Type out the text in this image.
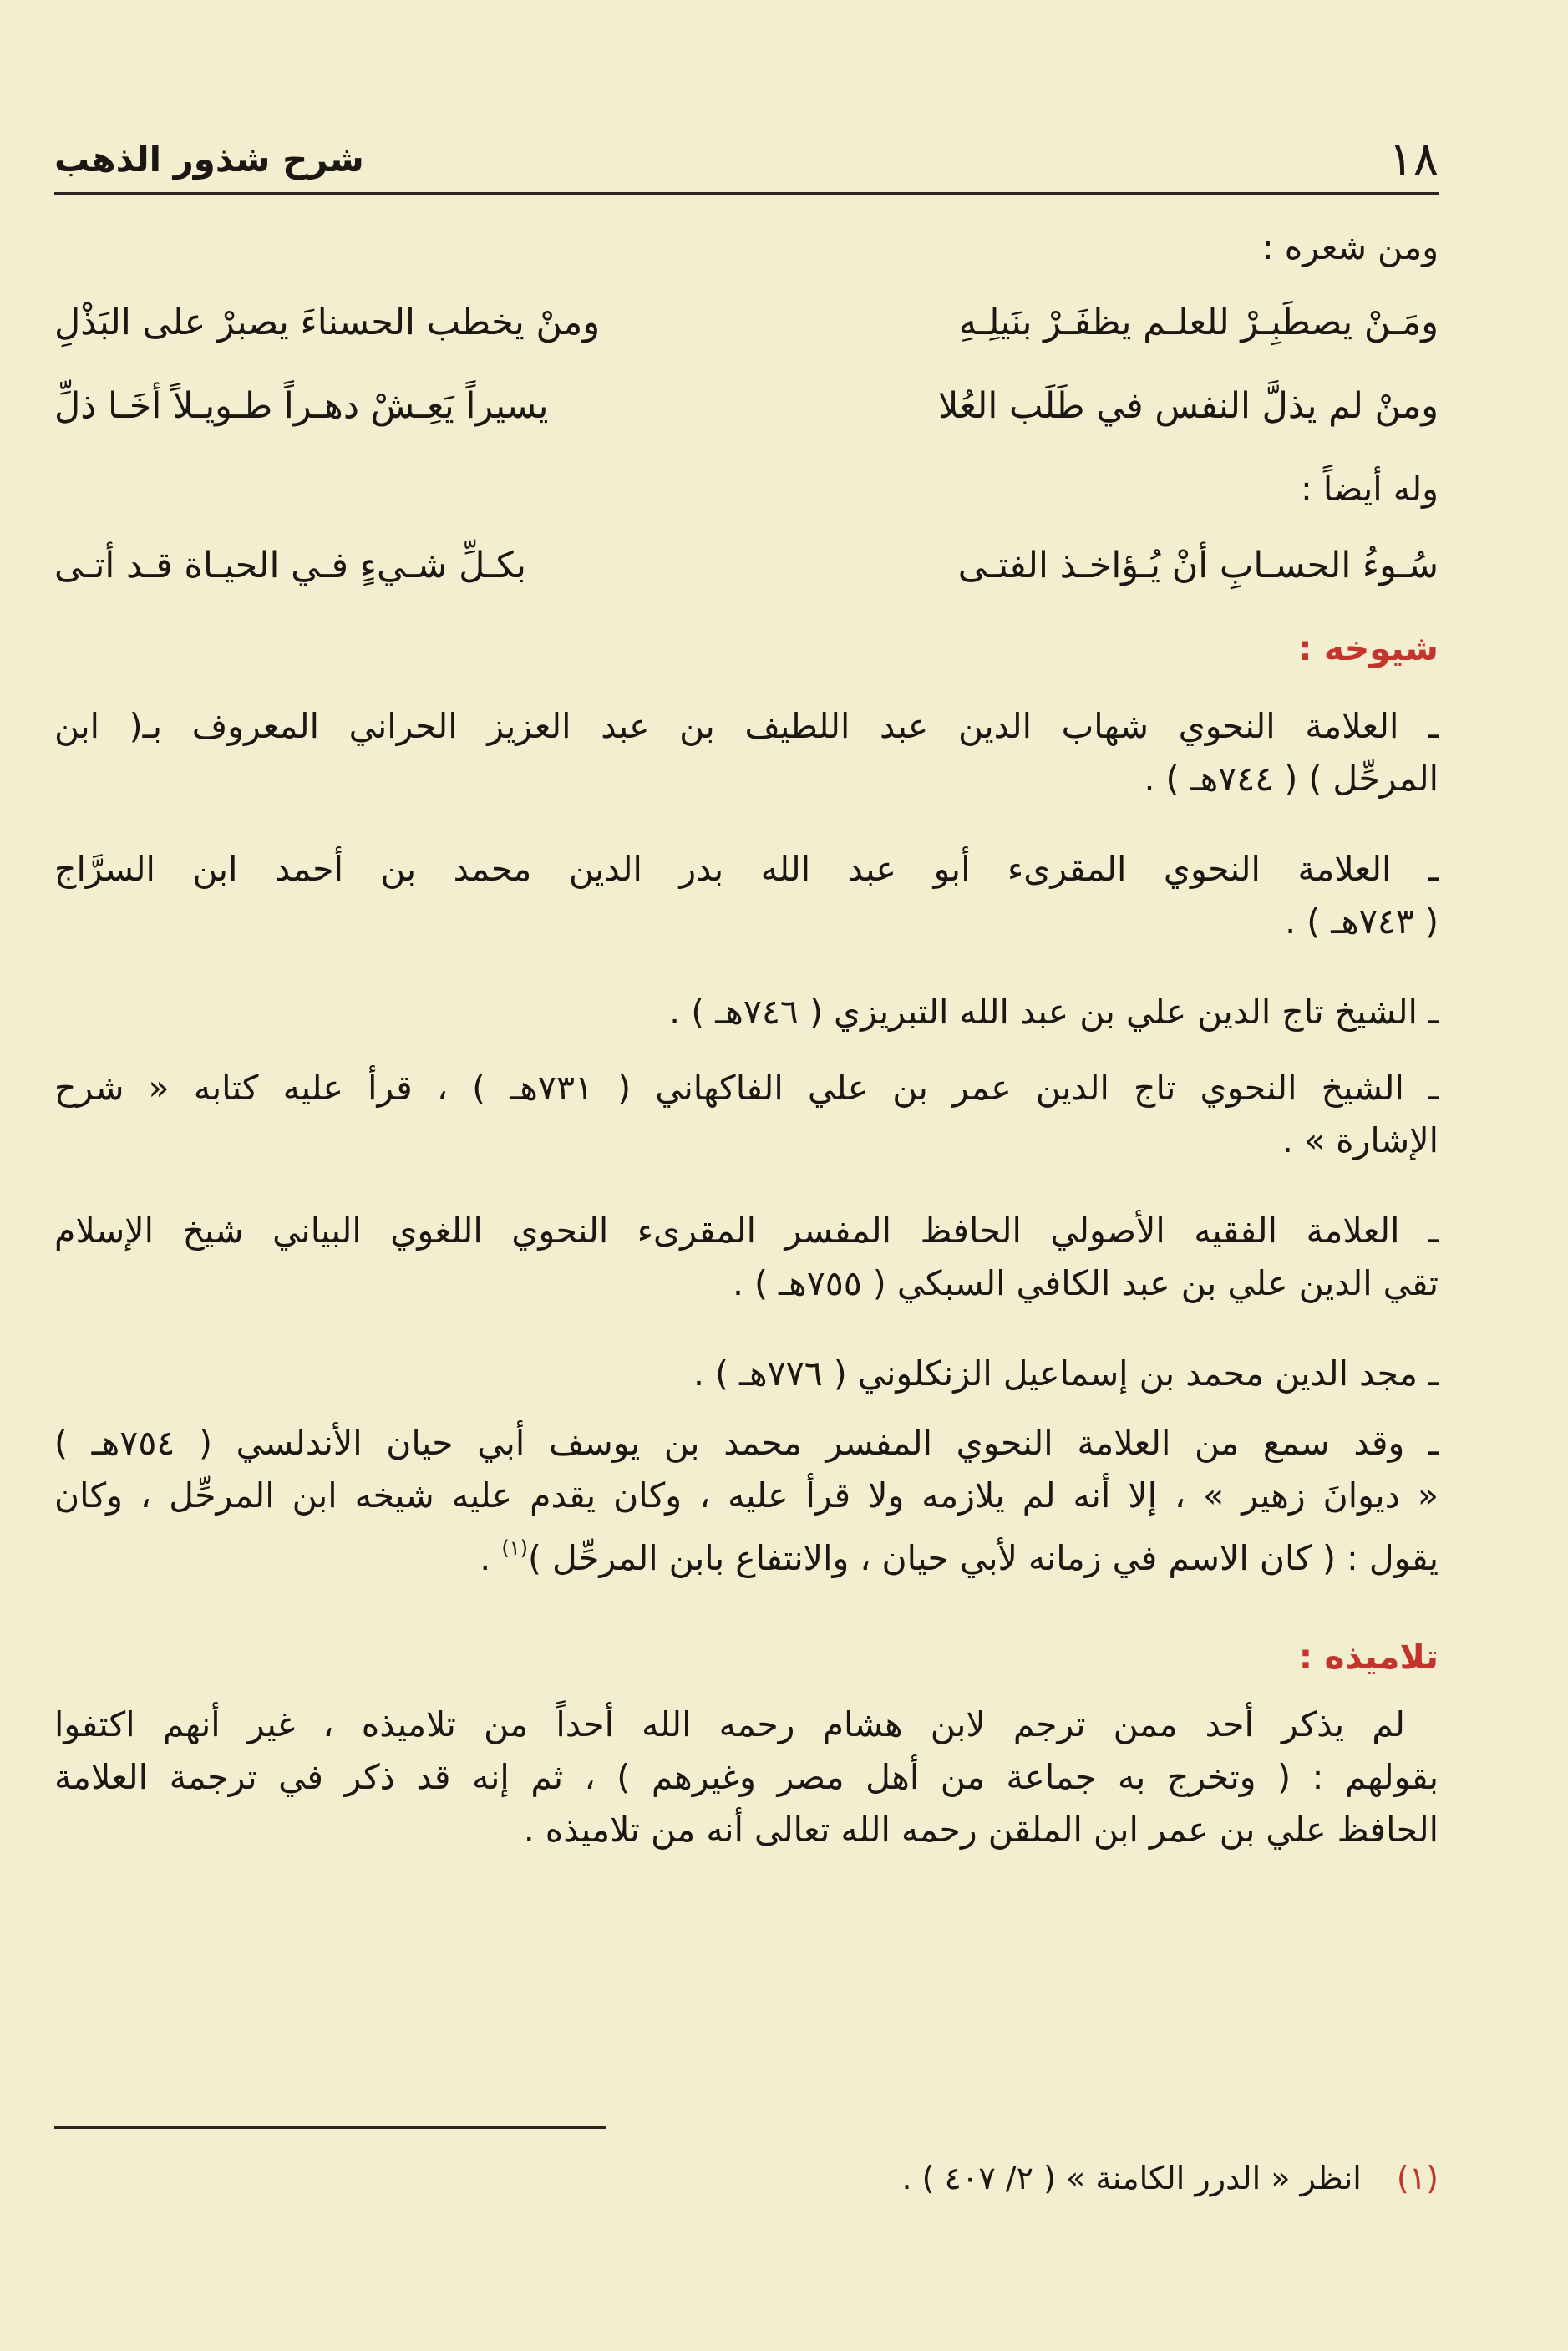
١٨
شرح شذور الذهب
ومن شعره :
ومَـنْ يصطَبِـرْ للعلـم يظفَـرْ بنَيلِـهِ
ومنْ يخطب الحسناءَ يصبرْ على البَذْلِ
ومنْ لم يذلَّ النفس في طَلَب العُلا
يسيراً يَعِـشْ دهـراً طـويـلاً أخَـا ذلِّ
وله أيضاً :
سُـوءُ الحسـابِ أنْ يُـؤاخـذ الفتـى
بكـلِّ شـيءٍ فـي الحيـاة قـد أتـى
شيوخه :
ـ العلامة النحوي شهاب الدين عبد اللطيف بن عبد العزيز الحراني المعروف بـ( ابن
المرحِّل ) ( ٧٤٤هـ ) .
ـ العلامة النحوي المقرىء أبو عبد الله بدر الدين محمد بن أحمد ابن السرَّاج
( ٧٤٣هـ ) .
ـ الشيخ تاج الدين علي بن عبد الله التبريزي ( ٧٤٦هـ ) .
ـ الشيخ النحوي تاج الدين عمر بن علي الفاكهاني ( ٧٣١هـ ) ، قرأ عليه كتابه « شرح
الإشارة » .
ـ العلامة الفقيه الأصولي الحافظ المفسر المقرىء النحوي اللغوي البياني شيخ الإسلام
تقي الدين علي بن عبد الكافي السبكي ( ٧٥٥هـ ) .
ـ مجد الدين محمد بن إسماعيل الزنكلوني ( ٧٧٦هـ ) .
ـ وقد سمع من العلامة النحوي المفسر محمد بن يوسف أبي حيان الأندلسي ( ٧٥٤هـ )
« ديوانَ زهير » ، إلا أنه لم يلازمه ولا قرأ عليه ، وكان يقدم عليه شيخه ابن المرحِّل ، وكان
يقول : ( كان الاسم في زمانه لأبي حيان ، والانتفاع بابن المرحِّل )$^{(١)}$ .
تلاميذه :
لم يذكر أحد ممن ترجم لابن هشام رحمه الله أحداً من تلاميذه ، غير أنهم اكتفوا
بقولهم : ( وتخرج به جماعة من أهل مصر وغيرهم ) ، ثم إنه قد ذكر في ترجمة العلامة
الحافظ علي بن عمر ابن الملقن رحمه الله تعالى أنه من تلاميذه .
(١) انظر « الدرر الكامنة » ( ٢/ ٤٠٧ ) .
